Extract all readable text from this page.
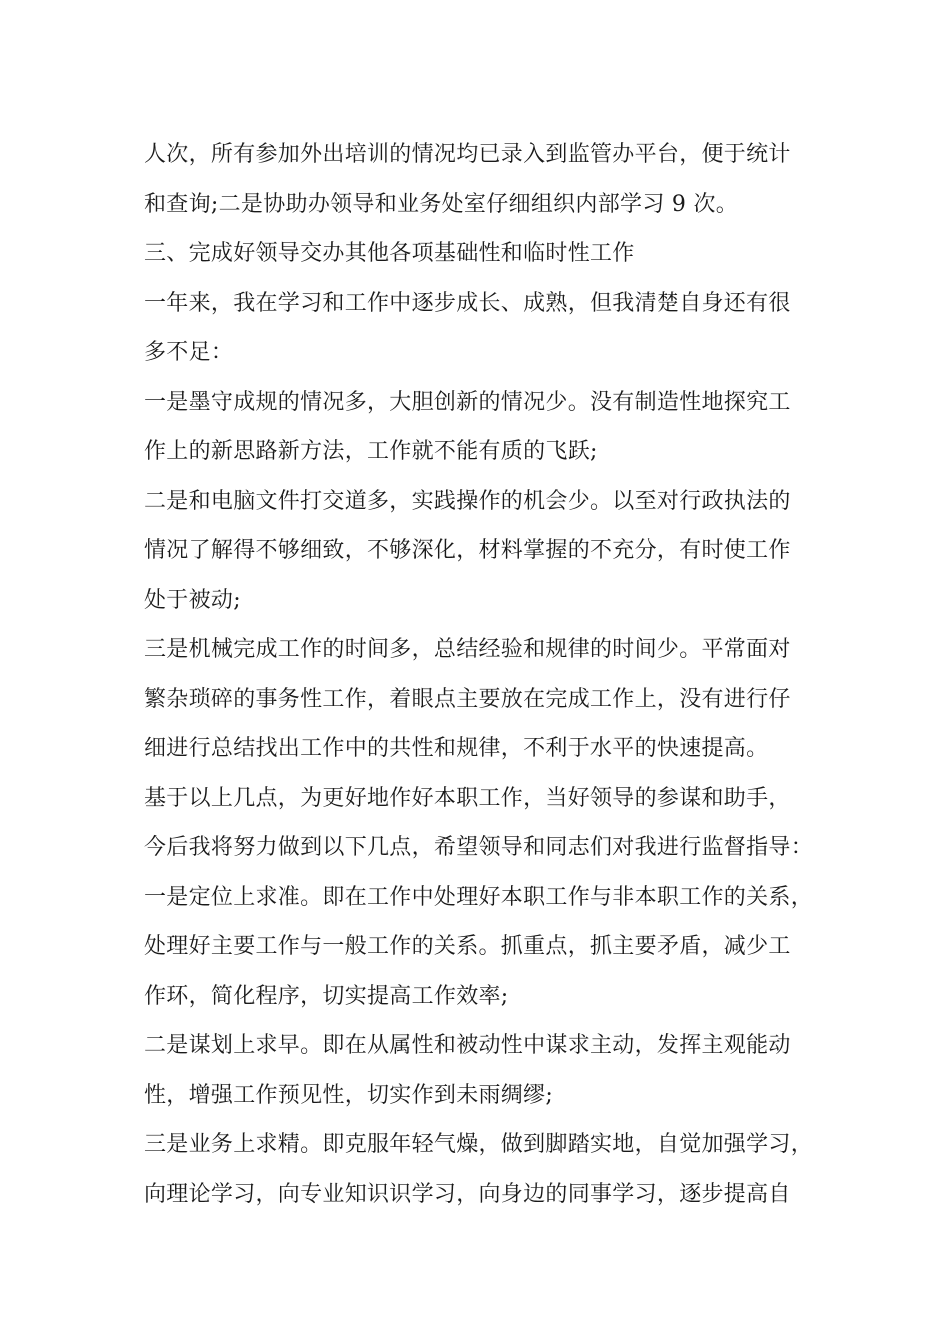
人次，所有参加外出培训的情况均已录入到监管办平台，便于统计
和查询;二是协助办领导和业务处室仔细组织内部学习 9 次。
三、完成好领导交办其他各项基础性和临时性工作
一年来，我在学习和工作中逐步成长、成熟，但我清楚自身还有很
多不足：
一是墨守成规的情况多，大胆创新的情况少。没有制造性地探究工
作上的新思路新方法，工作就不能有质的飞跃;
二是和电脑文件打交道多，实践操作的机会少。以至对行政执法的
情况了解得不够细致，不够深化，材料掌握的不充分，有时使工作
处于被动;
三是机械完成工作的时间多，总结经验和规律的时间少。平常面对
繁杂琐碎的事务性工作，着眼点主要放在完成工作上，没有进行仔
细进行总结找出工作中的共性和规律，不利于水平的快速提高。
基于以上几点，为更好地作好本职工作，当好领导的参谋和助手，
今后我将努力做到以下几点，希望领导和同志们对我进行监督指导：
一是定位上求准。即在工作中处理好本职工作与非本职工作的关系，
处理好主要工作与一般工作的关系。抓重点，抓主要矛盾，减少工
作环，简化程序，切实提高工作效率;
二是谋划上求早。即在从属性和被动性中谋求主动，发挥主观能动
性，增强工作预见性，切实作到未雨绸缪;
三是业务上求精。即克服年轻气燥，做到脚踏实地，自觉加强学习，
向理论学习，向专业知识识学习，向身边的同事学习，逐步提高自
